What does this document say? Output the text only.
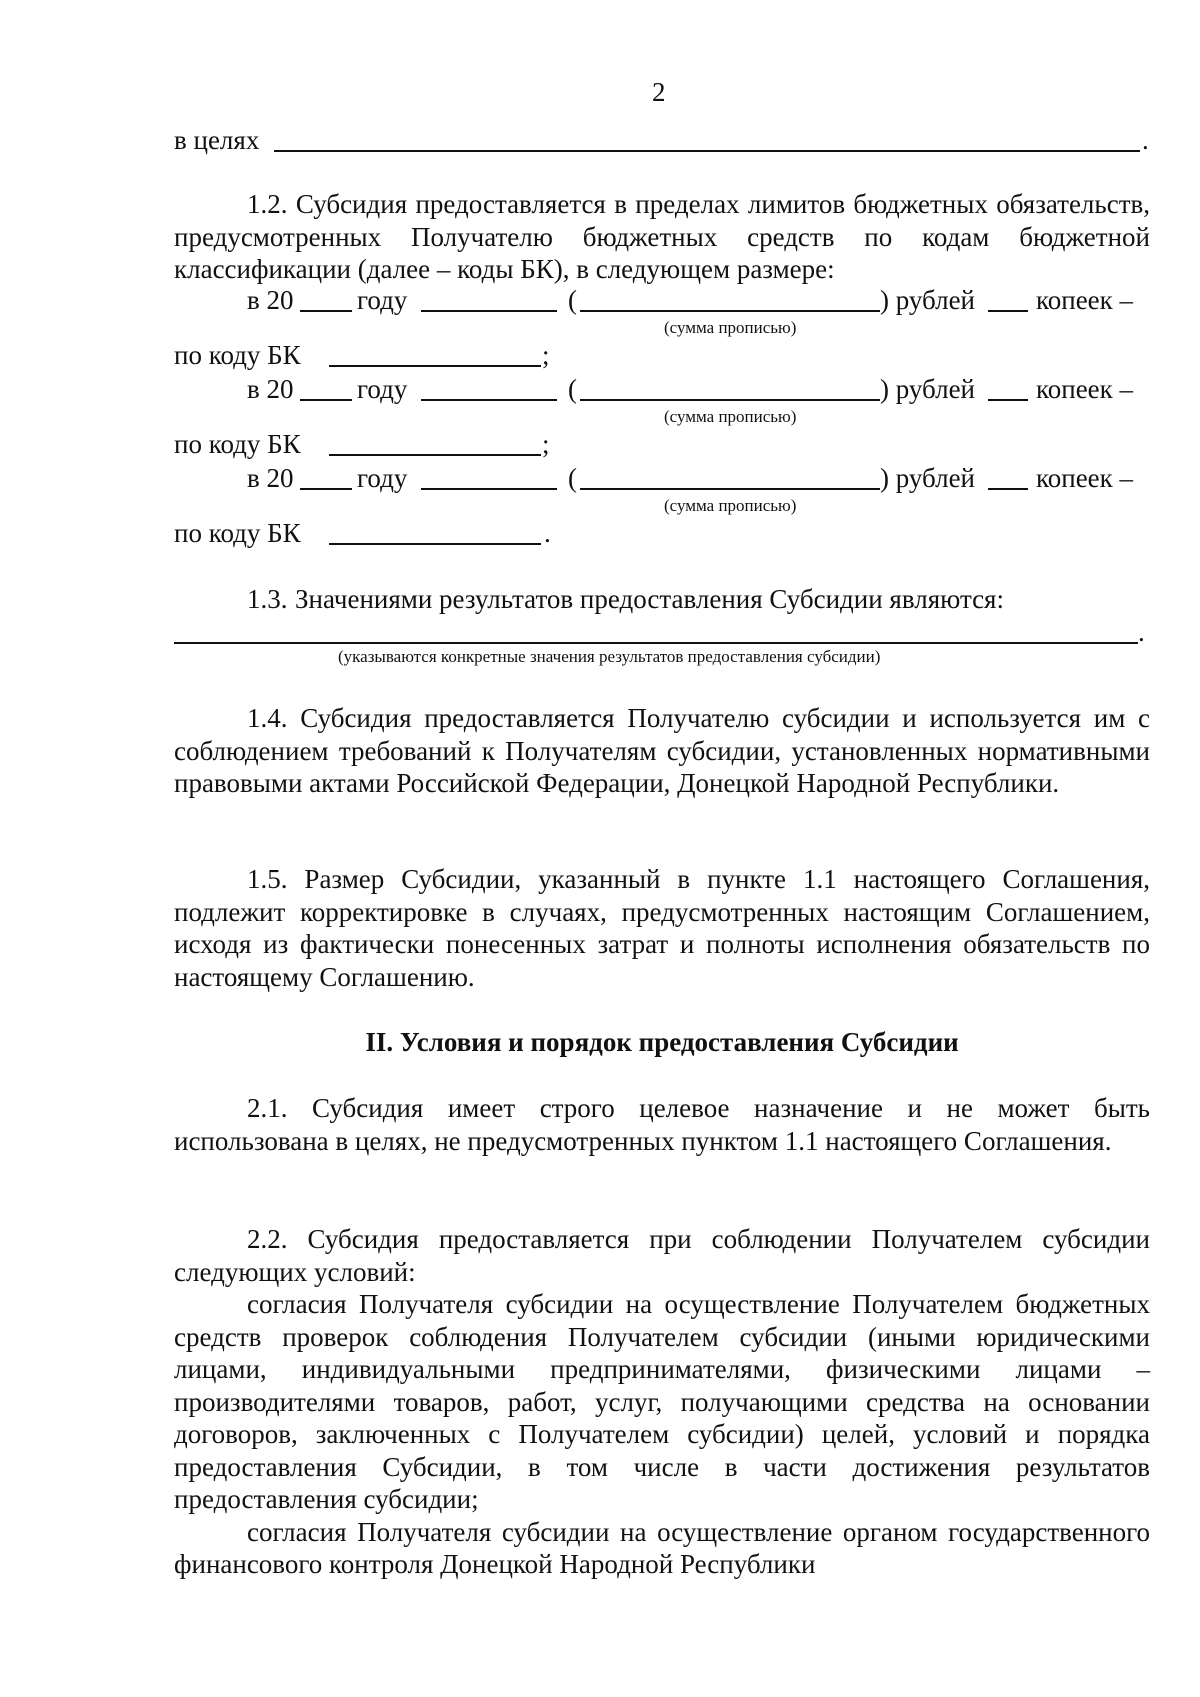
2
в целях	.

1.2. Субсидия предоставляется в пределах лимитов бюджетных обязательств, предусмотренных Получателю бюджетных средств по кодам бюджетной классификации (далее – коды БК), в следующем размере:

в 20 году	(	) рублей копеек –
(сумма прописью)
по коду БК	;
в 20 году	(	) рублей копеек –
(сумма прописью)
по коду БК	;
в 20 году	(	) рублей копеек –
(сумма прописью)
по коду БК	.
1.3. Значениями результатов предоставления Субсидии являются:
.
(указываются конкретные значения результатов предоставления субсидии)

1.4. Субсидия предоставляется Получателю субсидии и используется им с соблюдением требований к Получателям субсидии, установленных нормативными правовыми актами Российской Федерации, Донецкой Народной Республики.

1.5. Размер Субсидии, указанный в пункте 1.1 настоящего Соглашения, подлежит корректировке в случаях, предусмотренных настоящим Соглашением, исходя из фактически понесенных затрат и полноты исполнения обязательств по настоящему Соглашению.

II. Условия и порядок предоставления Субсидии

2.1. Субсидия имеет строго целевое назначение и не может быть использована в целях, не предусмотренных пунктом 1.1 настоящего Соглашения.

2.2. Субсидия предоставляется при соблюдении Получателем субсидии следующих условий:

согласия Получателя субсидии на осуществление Получателем бюджетных средств проверок соблюдения Получателем субсидии (иными юридическими лицами, индивидуальными предпринимателями, физическими лицами – производителями товаров, работ, услуг, получающими средства на основании договоров, заключенных с Получателем субсидии) целей, условий и порядка предоставления Субсидии, в том числе в части достижения результатов предоставления субсидии;

согласия Получателя субсидии на осуществление органом государственного финансового контроля Донецкой Народной Республики
